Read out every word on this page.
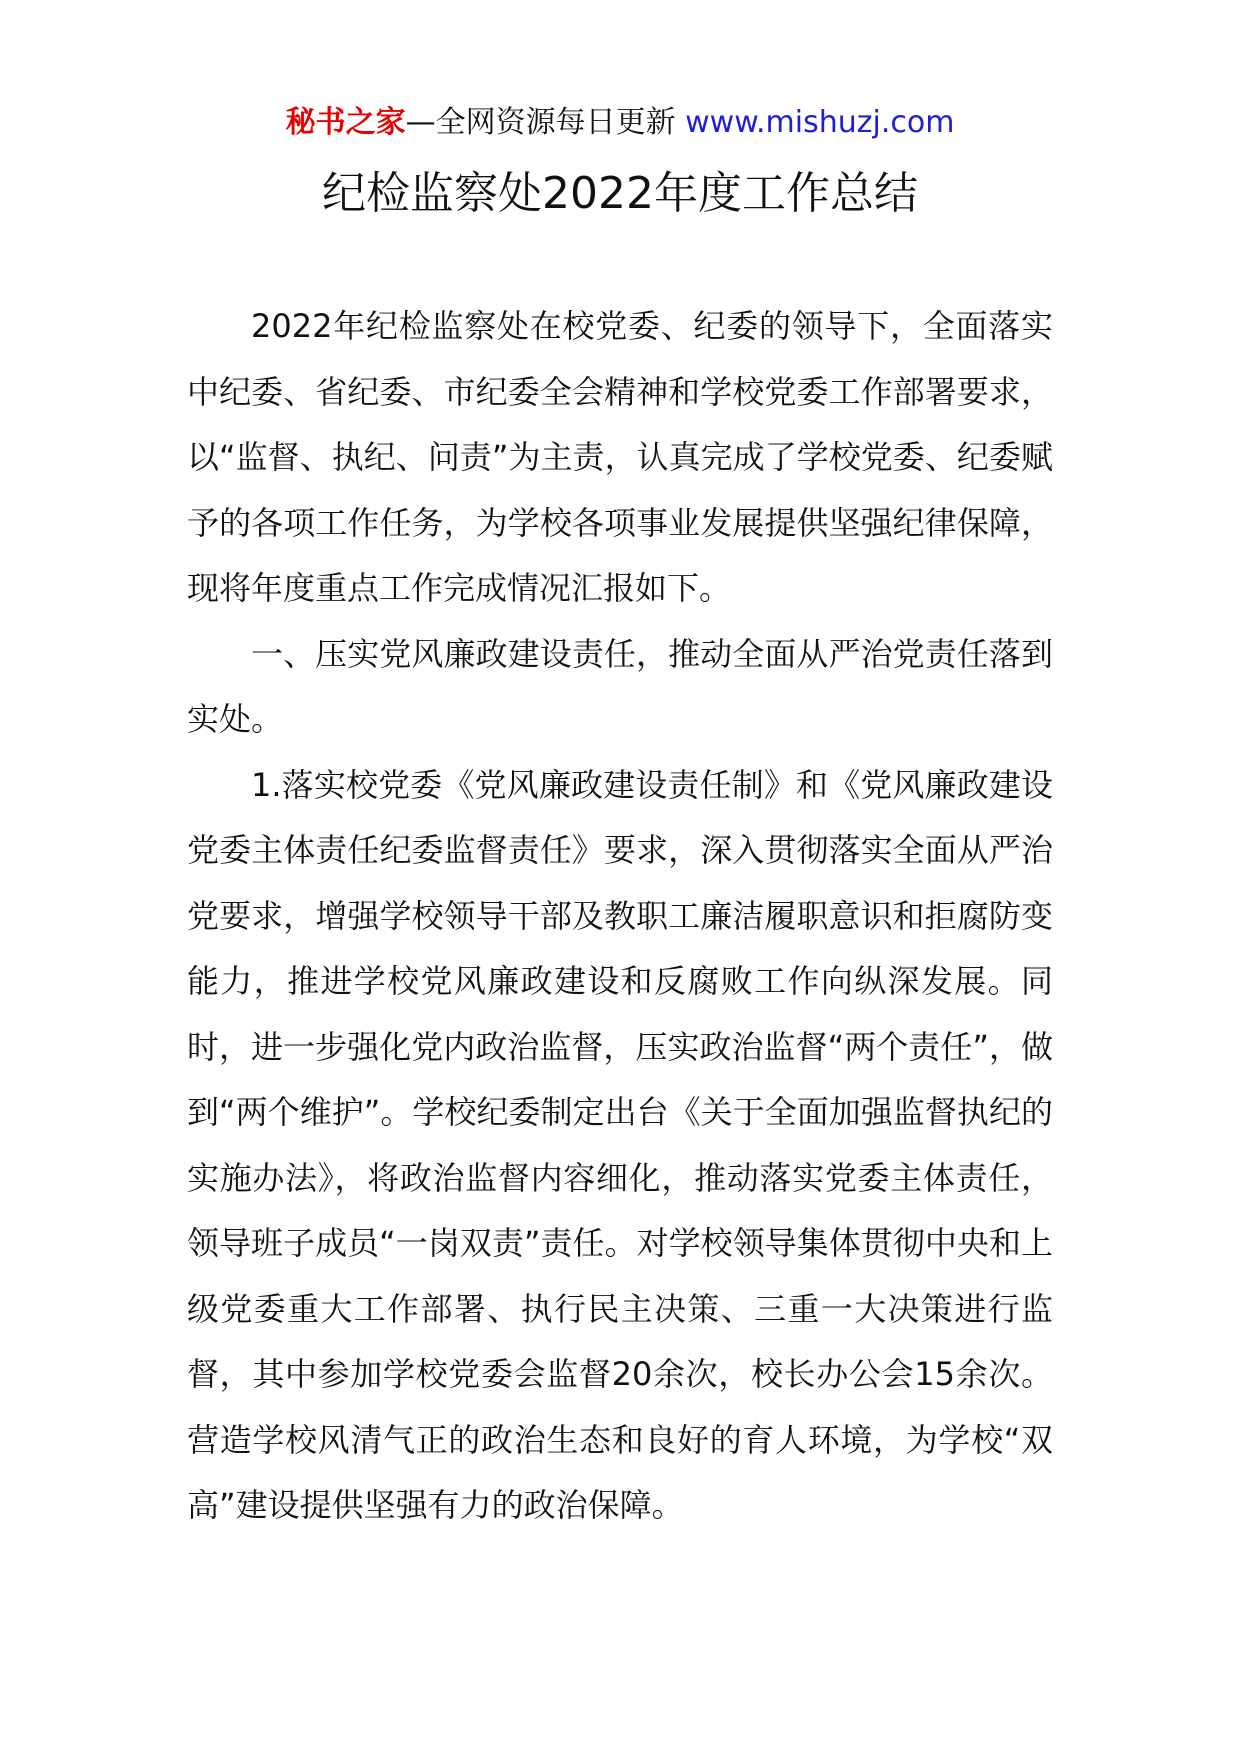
秘书之家—全网资源每日更新 www.mishuzj.com
纪检监察处2022年度工作总结

2022年纪检监察处在校党委、纪委的领导下，全面落实中纪委、省纪委、市纪委全会精神和学校党委工作部署要求，以“监督、执纪、问责”为主责，认真完成了学校党委、纪委赋予的各项工作任务，为学校各项事业发展提供坚强纪律保障，现将年度重点工作完成情况汇报如下。

一、压实党风廉政建设责任，推动全面从严治党责任落到实处。

1.落实校党委《党风廉政建设责任制》和《党风廉政建设党委主体责任纪委监督责任》要求，深入贯彻落实全面从严治党要求，增强学校领导干部及教职工廉洁履职意识和拒腐防变能力，推进学校党风廉政建设和反腐败工作向纵深发展。同时，进一步强化党内政治监督，压实政治监督“两个责任”，做到“两个维护”。学校纪委制定出台《关于全面加强监督执纪的实施办法》，将政治监督内容细化，推动落实党委主体责任，领导班子成员“一岗双责”责任。对学校领导集体贯彻中央和上级党委重大工作部署、执行民主决策、三重一大决策进行监督，其中参加学校党委会监督20余次，校长办公会15余次。营造学校风清气正的政治生态和良好的育人环境，为学校“双高”建设提供坚强有力的政治保障。
